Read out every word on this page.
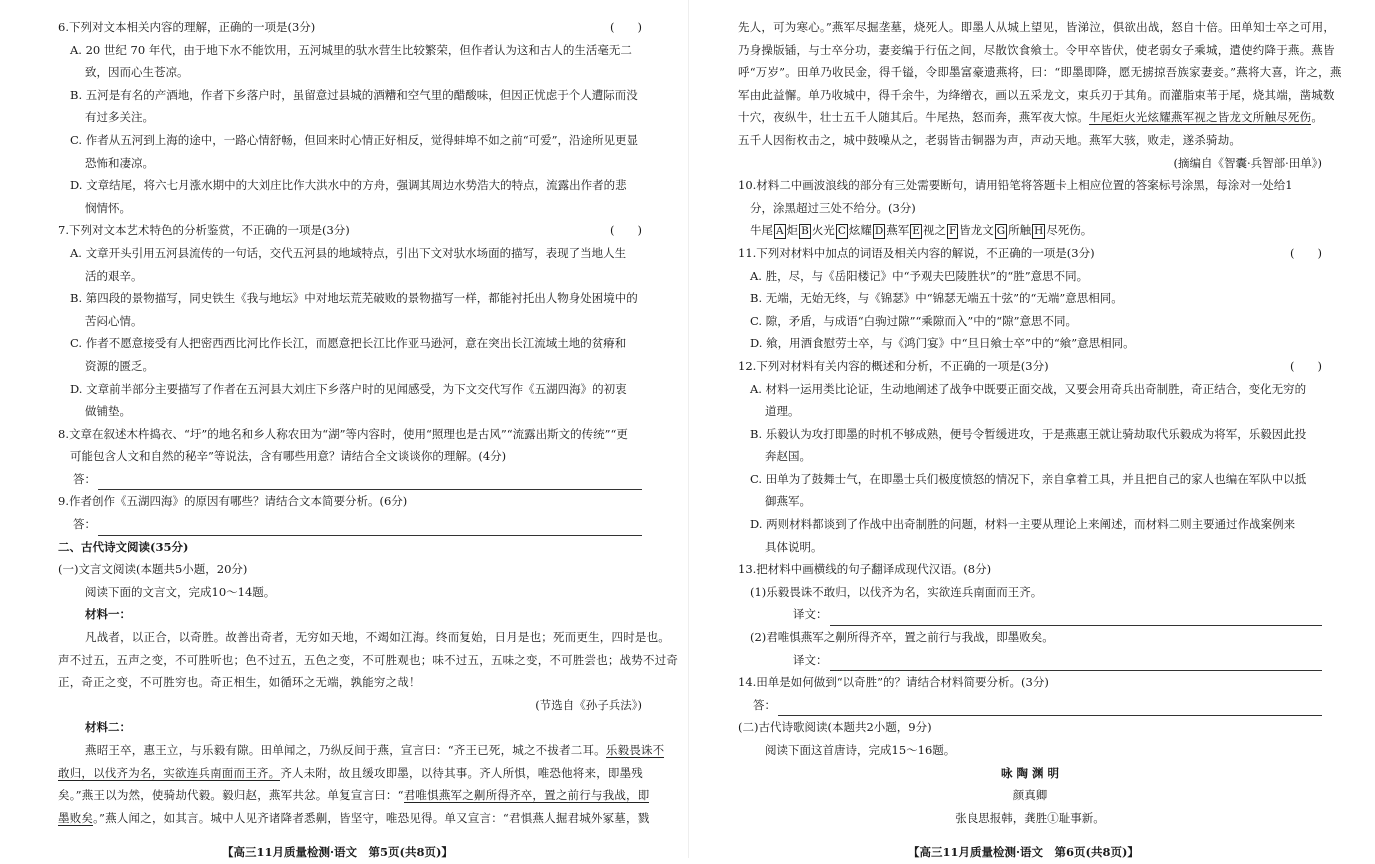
6.下列对文本相关内容的理解，正确的一项是(3分)	(　　)
A. 20 世纪 70 年代，由于地下水不能饮用，五河城里的驮水营生比较繁荣，但作者认为这和古人的生活毫无二
致，因而心生苍凉。
B. 五河是有名的产酒地，作者下乡落户时，虽留意过县城的酒糟和空气里的醋酸味，但因正忧虑于个人遭际而没
有过多关注。
C. 作者从五河到上海的途中，一路心情舒畅，但回来时心情正好相反，觉得蚌埠不如之前“可爱”，沿途所见更显
恐怖和凄凉。
D. 文章结尾，将六七月涨水期中的大刘庄比作大洪水中的方舟，强调其周边水势浩大的特点，流露出作者的悲
悯情怀。
7.下列对文本艺术特色的分析鉴赏，不正确的一项是(3分)	(　　)
A. 文章开头引用五河县流传的一句话，交代五河县的地域特点，引出下文对驮水场面的描写，表现了当地人生
活的艰辛。
B. 第四段的景物描写，同史铁生《我与地坛》中对地坛荒芜破败的景物描写一样，都能衬托出人物身处困境中的
苦闷心情。
C. 作者不愿意接受有人把密西西比河比作长江，而愿意把长江比作亚马逊河，意在突出长江流域土地的贫瘠和
资源的匮乏。
D. 文章前半部分主要描写了作者在五河县大刘庄下乡落户时的见闻感受，为下文交代写作《五湖四海》的初衷
做铺垫。
8.文章在叙述木杵捣衣、“圩”的地名和乡人称农田为“湖”等内容时，使用“照理也是古风”“流露出斯文的传统”“更
可能包含人文和自然的秘辛”等说法，含有哪些用意？请结合全文谈谈你的理解。(4分)
答：
9.作者创作《五湖四海》的原因有哪些？请结合文本简要分析。(6分)
答：
二、古代诗文阅读(35分)
(一)文言文阅读(本题共5小题，20分)
阅读下面的文言文，完成10～14题。
材料一：
凡战者，以正合，以奇胜。故善出奇者，无穷如天地，不竭如江海。终而复始，日月是也；死而更生，四时是也。
声不过五，五声之变，不可胜听也；色不过五，五色之变，不可胜观也；味不过五，五味之变，不可胜尝也；战势不过奇
正，奇正之变，不可胜穷也。奇正相生，如循环之无端，孰能穷之哉！
(节选自《孙子兵法》)
材料二：
燕昭王卒，惠王立，与乐毅有隙。田单闻之，乃纵反间于燕，宣言曰：“齐王已死，城之不拔者二耳。乐毅畏诛不
敢归，以伐齐为名，实欲连兵南面而王齐。齐人未附，故且缓攻即墨，以待其事。齐人所惧，唯恐他将来，即墨残
矣。”燕王以为然，使骑劫代毅。毅归赵，燕军共忿。单复宣言曰：“君唯惧燕军之劓所得齐卒，置之前行与我战，即
墨败矣。”燕人闻之，如其言。城中人见齐诸降者悉劓，皆坚守，唯恐见得。单又宣言：“君惧燕人掘君城外冢墓，戮
先人，可为寒心。”燕军尽掘垄墓，烧死人。即墨人从城上望见，皆涕泣，俱欲出战，怒自十倍。田单知士卒之可用，
乃身操版锸，与士卒分功，妻妾编于行伍之间，尽散饮食飨士。令甲卒皆伏，使老弱女子乘城，遣使约降于燕。燕皆
呼“万岁”。田单乃收民金，得千镒，令即墨富豪遗燕将，曰：“即墨即降，愿无掳掠吾族家妻妾。”燕将大喜，许之，燕
军由此益懈。单乃收城中，得千余牛，为绛缯衣，画以五采龙文，束兵刃于其角。而灌脂束苇于尾，烧其端，凿城数
十穴，夜纵牛，壮士五千人随其后。牛尾热，怒而奔，燕军夜大惊。牛尾炬火光炫耀燕军视之皆龙文所触尽死伤。
五千人因衔枚击之，城中鼓噪从之，老弱皆击铜器为声，声动天地。燕军大骇，败走，遂杀骑劫。
(摘编自《智囊·兵智部·田单》)
10.材料二中画波浪线的部分有三处需要断句，请用铅笔将答题卡上相应位置的答案标号涂黑，每涂对一处给1
分，涂黑超过三处不给分。(3分)
牛尾 A 炬 B 火光 C 炫耀 D 燕军 E 视之 F 皆龙文 G 所触 H 尽死伤。
11.下列对材料中加点的词语及相关内容的解说，不正确的一项是(3分)	(　　)
A. 胜，尽，与《岳阳楼记》中“予观夫巴陵胜状”的“胜”意思不同。
B. 无端，无始无终，与《锦瑟》中“锦瑟无端五十弦”的“无端”意思相同。
C. 隙，矛盾，与成语“白驹过隙”“乘隙而入”中的“隙”意思不同。
D. 飨，用酒食慰劳士卒，与《鸿门宴》中“旦日飨士卒”中的“飨”意思相同。
12.下列对材料有关内容的概述和分析，不正确的一项是(3分)	(　　)
A. 材料一运用类比论证，生动地阐述了战争中既要正面交战，又要会用奇兵出奇制胜，奇正结合，变化无穷的
道理。
B. 乐毅认为攻打即墨的时机不够成熟，便号令暂缓进攻，于是燕惠王就让骑劫取代乐毅成为将军，乐毅因此投
奔赵国。
C. 田单为了鼓舞士气，在即墨士兵们极度愤怒的情况下，亲自拿着工具，并且把自己的家人也编在军队中以抵
御燕军。
D. 两则材料都谈到了作战中出奇制胜的问题，材料一主要从理论上来阐述，而材料二则主要通过作战案例来
具体说明。
13.把材料中画横线的句子翻译成现代汉语。(8分)
(1)乐毅畏诛不敢归，以伐齐为名，实欲连兵南面而王齐。
译文：
(2)君唯惧燕军之劓所得齐卒，置之前行与我战，即墨败矣。
译文：
14.田单是如何做到“以奇胜”的？请结合材料简要分析。(3分)
答：
(二)古代诗歌阅读(本题共2小题，9分)
阅读下面这首唐诗，完成15～16题。
咏 陶 渊 明
颜真卿
张良思报韩，龚胜①耻事新。
【高三11月质量检测·语文　第5页(共8页)】	【高三11月质量检测·语文　第6页(共8页)】
